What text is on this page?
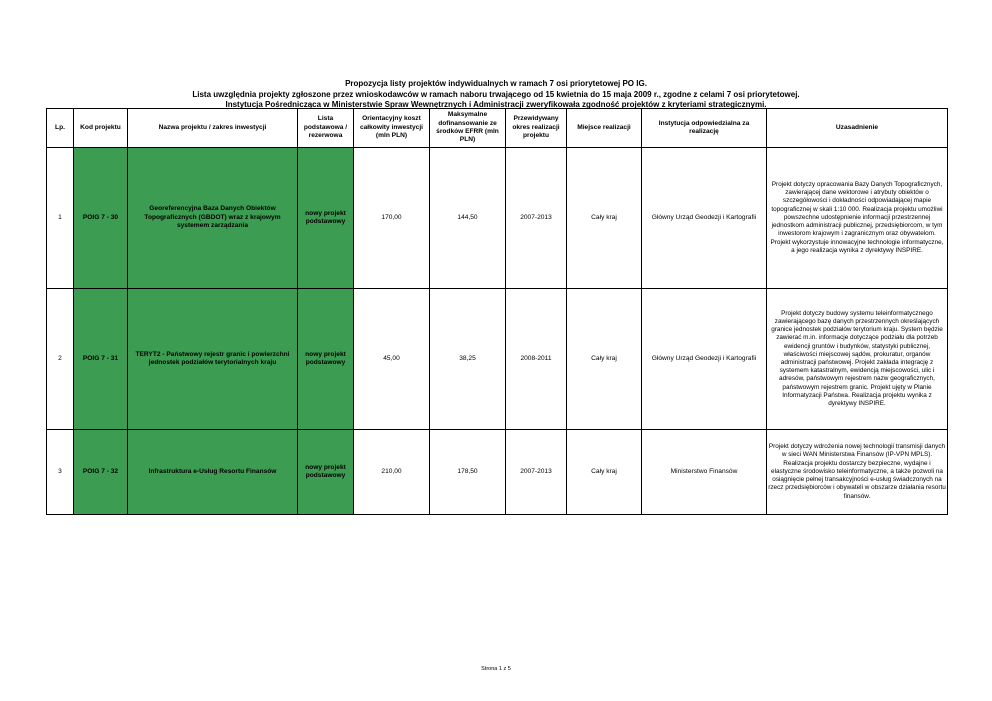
Propozycja listy projektów indywidualnych w ramach 7 osi priorytetowej PO IG.
Lista uwzględnia projekty zgłoszone przez wnioskodawców w ramach naboru trwającego od 15 kwietnia do 15 maja 2009 r., zgodne z celami 7 osi priorytetowej.
Instytucja Pośrednicząca w Ministerstwie Spraw Wewnętrznych i Administracji zweryfikowała zgodność projektów z kryteriami strategicznymi.
Lp.	Kod projektu	Nazwa projektu / zakres inwestycji	Lista podstawowa / rezerwowa	Orientacyjny koszt całkowity inwestycji (mln PLN)	Maksymalne dofinansowanie ze środków EFRR (mln PLN)	Przewidywany okres realizacji projektu	Miejsce realizacji	Instytucja odpowiedzialna za realizację	Uzasadnienie
1	POIG 7 - 30	Georeferencyjna Baza Danych Obiektów Topograficznych (GBDOT) wraz z krajowym systemem zarządzania	nowy projekt podstawowy	170,00	144,50	2007-2013	Cały kraj	Główny Urząd Geodezji i Kartografii	Projekt dotyczy opracowania Bazy Danych Topograficznych, zawierającej dane wektorowe i atrybuty obiektów o szczegółowości i dokładności odpowiadającej mapie topograficznej w skali 1:10 000. Realizacja projektu umożliwi powszechne udostępnienie informacji przestrzennej jednostkom administracji publicznej, przedsiębiorcom, w tym inwestorom krajowym i zagranicznym oraz obywatelom. Projekt wykorzystuje innowacyjne technologie informatyczne, a jego realizacja wynika z dyrektywy INSPIRE.
2	POIG 7 - 31	TERYT2 - Państwowy rejestr granic i powierzchni jednostek podziałów terytorialnych kraju	nowy projekt podstawowy	45,00	38,25	2008-2011	Cały kraj	Główny Urząd Geodezji i Kartografii	Projekt dotyczy budowy systemu teleinformatycznego zawierającego bazę danych przestrzennych określających granice jednostek podziałów terytorium kraju. System będzie zawierać m.in. informacje dotyczące podziału dla potrzeb ewidencji gruntów i budynków, statystyki publicznej, właściwości miejscowej sądów, prokuratur, organów administracji państwowej. Projekt zakłada integrację z systemem katastralnym, ewidencją miejscowości, ulic i adresów, państwowym rejestrem nazw geograficznych, państwowym rejestrem granic. Projekt ujęty w Planie Informatyzacji Państwa. Realizacja projektu wynika z dyrektywy INSPIRE.
3	POIG 7 - 32	Infrastruktura e-Usług Resortu Finansów	nowy projekt podstawowy	210,00	178,50	2007-2013	Cały kraj	Ministerstwo Finansów	Projekt dotyczy wdrożenia nowej technologii transmisji danych w sieci WAN Ministerstwa Finansów (IP-VPN MPLS). Realizacja projektu dostarczy bezpieczne, wydajne i elastyczne środowisko teleinformatyczne, a także pozwoli na osiągnięcie pełnej transakcyjności e-usług świadczonych na rzecz przedsiębiorców i obywateli w obszarze działania resortu finansów.
Strona 1 z 5
